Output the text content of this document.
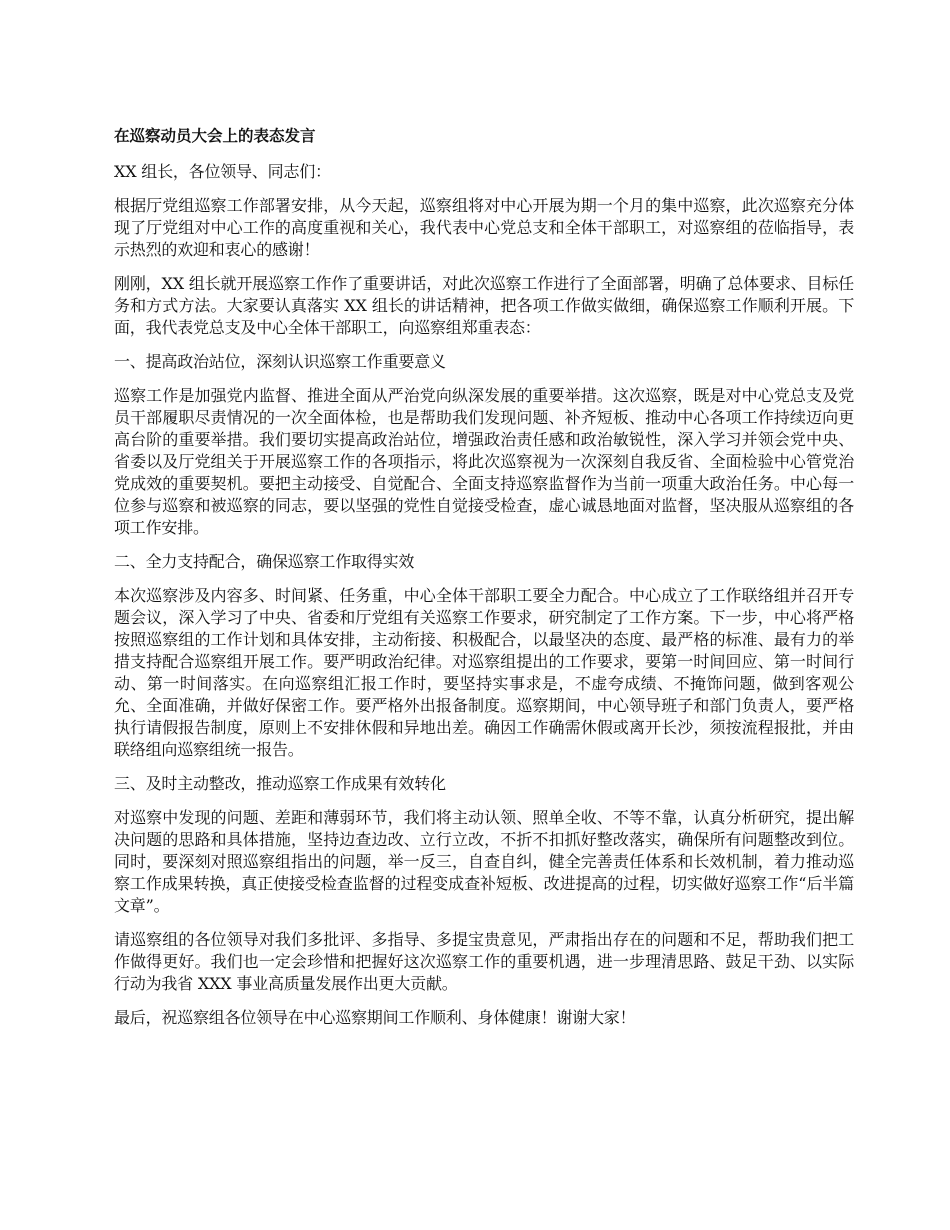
在巡察动员大会上的表态发言

XX 组长，各位领导、同志们：

根据厅党组巡察工作部署安排，从今天起，巡察组将对中心开展为期一个月的集中巡察，此次巡察充分体现了厅党组对中心工作的高度重视和关心，我代表中心党总支和全体干部职工，对巡察组的莅临指导，表示热烈的欢迎和衷心的感谢！

刚刚，XX 组长就开展巡察工作作了重要讲话，对此次巡察工作进行了全面部署，明确了总体要求、目标任务和方式方法。大家要认真落实 XX 组长的讲话精神，把各项工作做实做细，确保巡察工作顺利开展。下面，我代表党总支及中心全体干部职工，向巡察组郑重表态：

一、提高政治站位，深刻认识巡察工作重要意义

巡察工作是加强党内监督、推进全面从严治党向纵深发展的重要举措。这次巡察，既是对中心党总支及党员干部履职尽责情况的一次全面体检，也是帮助我们发现问题、补齐短板、推动中心各项工作持续迈向更高台阶的重要举措。我们要切实提高政治站位，增强政治责任感和政治敏锐性，深入学习并领会党中央、省委以及厅党组关于开展巡察工作的各项指示，将此次巡察视为一次深刻自我反省、全面检验中心管党治党成效的重要契机。要把主动接受、自觉配合、全面支持巡察监督作为当前一项重大政治任务。中心每一位参与巡察和被巡察的同志，要以坚强的党性自觉接受检查，虚心诚恳地面对监督，坚决服从巡察组的各项工作安排。

二、全力支持配合，确保巡察工作取得实效

本次巡察涉及内容多、时间紧、任务重，中心全体干部职工要全力配合。中心成立了工作联络组并召开专题会议，深入学习了中央、省委和厅党组有关巡察工作要求，研究制定了工作方案。下一步，中心将严格按照巡察组的工作计划和具体安排，主动衔接、积极配合，以最坚决的态度、最严格的标准、最有力的举措支持配合巡察组开展工作。要严明政治纪律。对巡察组提出的工作要求，要第一时间回应、第一时间行动、第一时间落实。在向巡察组汇报工作时，要坚持实事求是，不虚夸成绩、不掩饰问题，做到客观公允、全面准确，并做好保密工作。要严格外出报备制度。巡察期间，中心领导班子和部门负责人，要严格执行请假报告制度，原则上不安排休假和异地出差。确因工作确需休假或离开长沙，须按流程报批，并由联络组向巡察组统一报告。

三、及时主动整改，推动巡察工作成果有效转化

对巡察中发现的问题、差距和薄弱环节，我们将主动认领、照单全收、不等不靠，认真分析研究，提出解决问题的思路和具体措施，坚持边查边改、立行立改，不折不扣抓好整改落实，确保所有问题整改到位。同时，要深刻对照巡察组指出的问题，举一反三，自查自纠，健全完善责任体系和长效机制，着力推动巡察工作成果转换，真正使接受检查监督的过程变成查补短板、改进提高的过程，切实做好巡察工作“后半篇文章”。

请巡察组的各位领导对我们多批评、多指导、多提宝贵意见，严肃指出存在的问题和不足，帮助我们把工作做得更好。我们也一定会珍惜和把握好这次巡察工作的重要机遇，进一步理清思路、鼓足干劲、以实际行动为我省 XXX 事业高质量发展作出更大贡献。

最后，祝巡察组各位领导在中心巡察期间工作顺利、身体健康！谢谢大家！
